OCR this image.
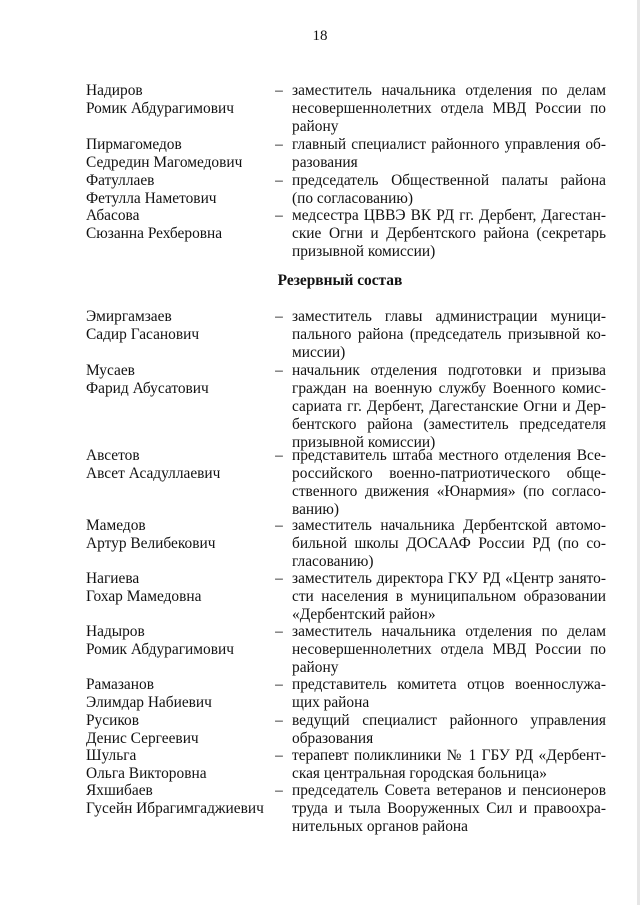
18
Резервный состав
Надиров
Ромик Абдурагимович
– заместитель начальника отделения по делам
несовершеннолетних отдела МВД России по
району
Пирмагомедов
Седредин Магомедович
– главный специалист районного управления об-
разования
Фатуллаев
Фетулла Наметович
– председатель Общественной палаты района
(по согласованию)
Абасова
Сюзанна Рехберовна
– медсестра ЦВВЭ ВК РД гг. Дербент, Дагестан-
ские Огни и Дербентского района (секретарь
призывной комиссии)
Эмиргамзаев
Садир Гасанович
– заместитель главы администрации муници-
пального района (председатель призывной ко-
миссии)
Мусаев
Фарид Абусатович
– начальник отделения подготовки и призыва
граждан на военную службу Военного комис-
сариата гг. Дербент, Дагестанские Огни и Дер-
бентского района (заместитель председателя
призывной комиссии)
Авсетов
Авсет Асадуллаевич
– представитель штаба местного отделения Все-
российского военно-патриотического обще-
ственного движения «Юнармия» (по согласо-
ванию)
Мамедов
Артур Велибекович
– заместитель начальника Дербентской автомо-
бильной школы ДОСААФ России РД (по со-
гласованию)
Нагиева
Гохар Мамедовна
– заместитель директора ГКУ РД «Центр занято-
сти населения в муниципальном образовании
«Дербентский район»
Надыров
Ромик Абдурагимович
– заместитель начальника отделения по делам
несовершеннолетних отдела МВД России по
району
Рамазанов
Элимдар Набиевич
– представитель комитета отцов военнослужа-
щих района
Русиков
Денис Сергеевич
– ведущий специалист районного управления
образования
Шульга
Ольга Викторовна
– терапевт поликлиники № 1 ГБУ РД «Дербент-
ская центральная городская больница»
Яхшибаев
Гусейн Ибрагимгаджиевич
– председатель Совета ветеранов и пенсионеров
труда и тыла Вооруженных Сил и правоохра-
нительных органов района
